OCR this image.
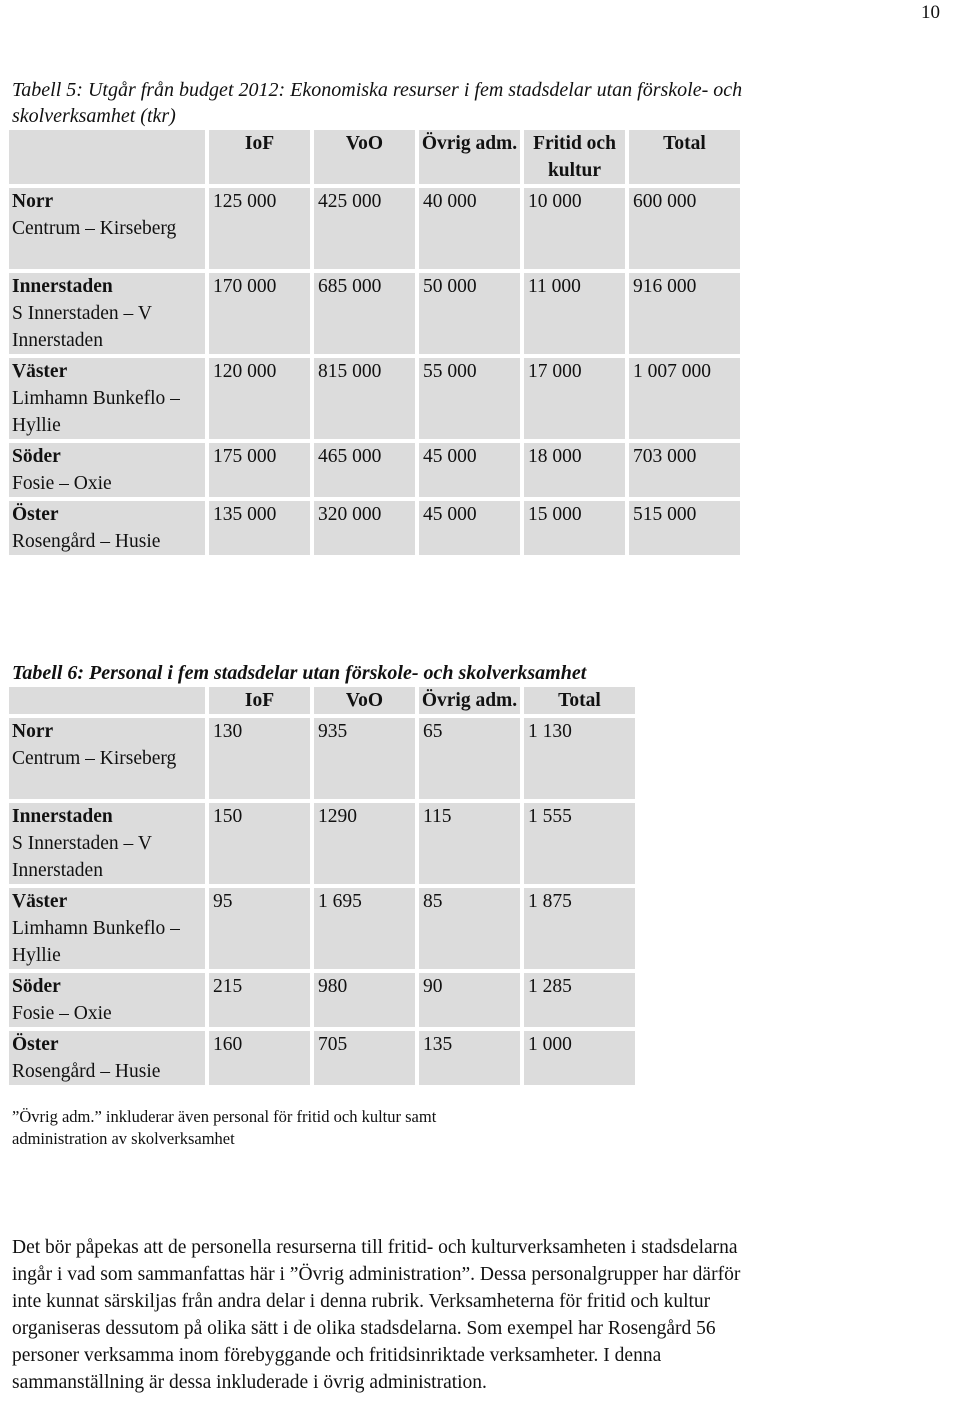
10
Tabell 5: Utgår från budget 2012: Ekonomiska resurser i fem stadsdelar utan förskole- och skolverksamhet (tkr)
	IoF	VoO	Övrig adm.	Fritid och kultur	Total

Norr
Centrum – Kirseberg	125 000	425 000	40 000	10 000	600 000

Innerstaden
S Innerstaden – V Innerstaden	170 000	685 000	50 000	11 000	916 000

Väster
Limhamn Bunkeflo – Hyllie	120 000	815 000	55 000	17 000	1 007 000

Söder
Fosie – Oxie	175 000	465 000	45 000	18 000	703 000

Öster
Rosengård – Husie	135 000	320 000	45 000	15 000	515 000
Tabell 6: Personal i fem stadsdelar utan förskole- och skolverksamhet
	IoF	VoO	Övrig adm.	Total

Norr
Centrum – Kirseberg	130	935	65	1 130

Innerstaden
S Innerstaden – V Innerstaden	150	1290	115	1 555

Väster
Limhamn Bunkeflo – Hyllie	95	1 695	85	1 875

Söder
Fosie – Oxie	215	980	90	1 285

Öster
Rosengård – Husie	160	705	135	1 000
”Övrig adm.” inkluderar även personal för fritid och kultur samt administration av skolverksamhet
Det bör påpekas att de personella resurserna till fritid- och kulturverksamheten i stadsdelarna ingår i vad som sammanfattas här i ”Övrig administration”. Dessa personalgrupper har därför inte kunnat särskiljas från andra delar i denna rubrik. Verksamheterna för fritid och kultur organiseras dessutom på olika sätt i de olika stadsdelarna. Som exempel har Rosengård 56 personer verksamma inom förebyggande och fritidsinriktade verksamheter. I denna sammanställning är dessa inkluderade i övrig administration.
